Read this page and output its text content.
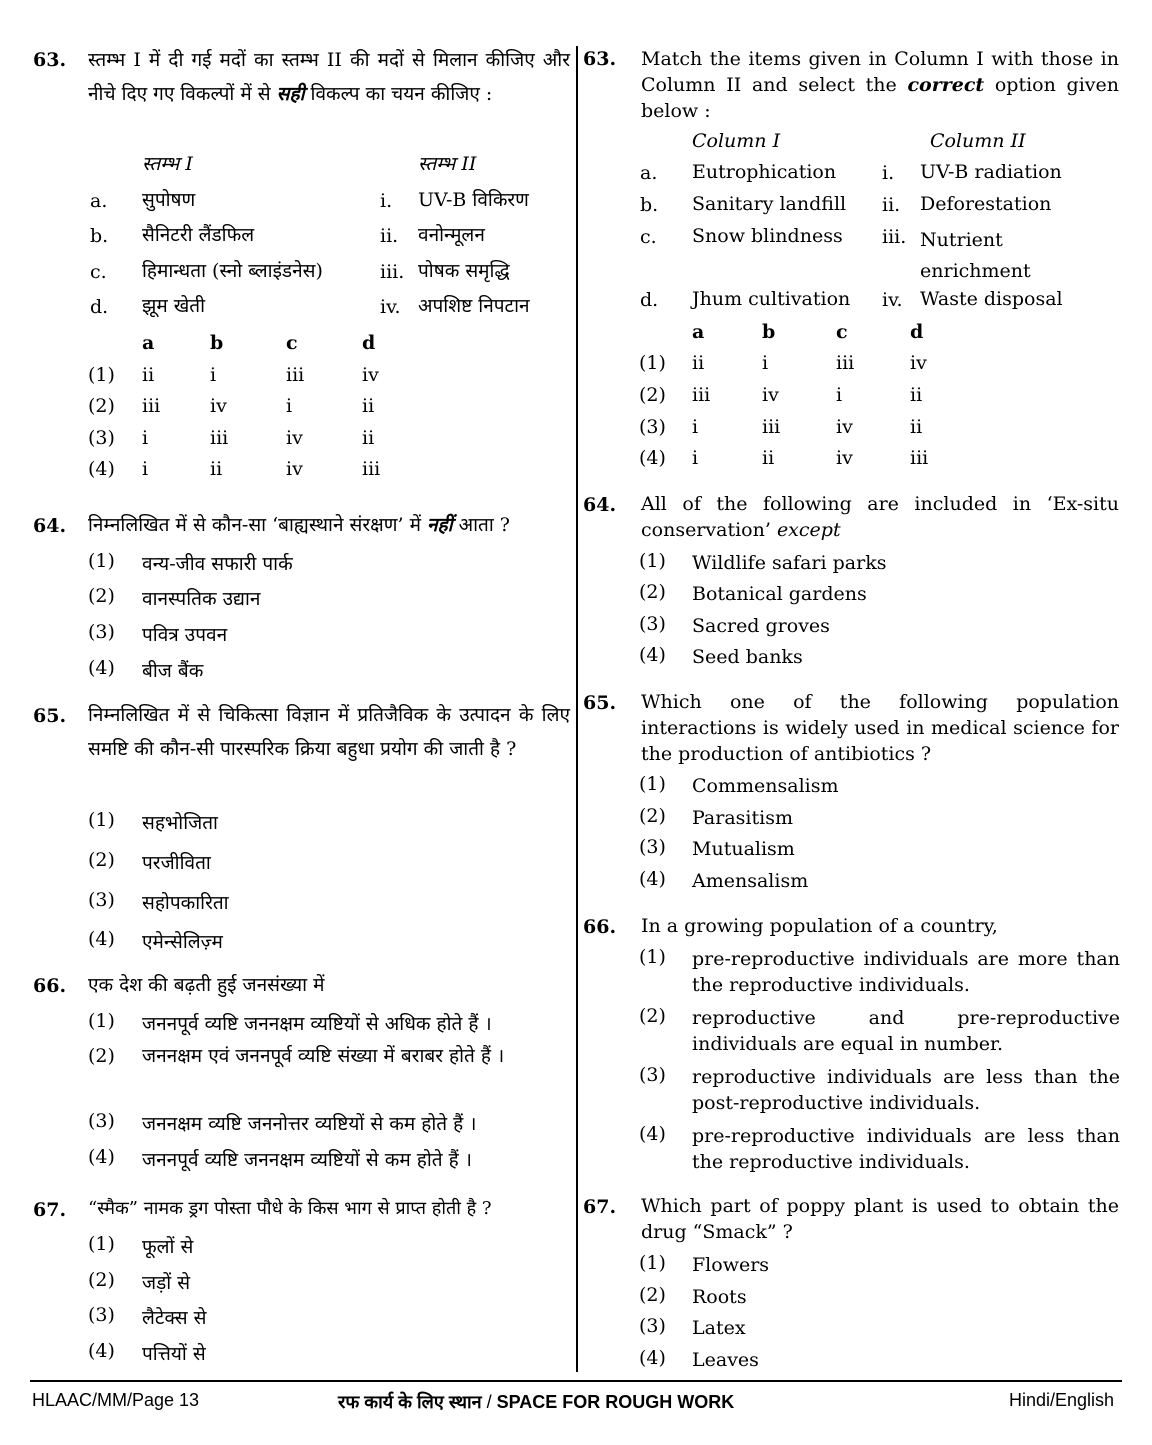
63. स्तम्भ I में दी गई मदों का स्तम्भ II की मदों से मिलान कीजिए और नीचे दिए गए विकल्पों में से सही विकल्प का चयन कीजिए :
स्तम्भ I	स्तम्भ II
a. सुपोषण	i. UV-B विकिरण
b. सैनिटरी लैंडफिल	ii. वनोन्मूलन
c. हिमान्धता (स्नो ब्लाइंडनेस)	iii. पोषक समृद्धि
d. झूम खेती	iv. अपशिष्ट निपटान
a	b	c	d
(1) ii	i	iii	iv
(2) iii	iv	i	ii
(3) i	iii	iv	ii
(4) i	ii	iv	iii
64. निम्नलिखित में से कौन-सा ‘बाह्यस्थाने संरक्षण’ में नहीं आता ?
(1) वन्य-जीव सफारी पार्क
(2) वानस्पतिक उद्यान
(3) पवित्र उपवन
(4) बीज बैंक
65. निम्नलिखित में से चिकित्सा विज्ञान में प्रतिजैविक के उत्पादन के लिए समष्टि की कौन-सी पारस्परिक क्रिया बहुधा प्रयोग की जाती है ?
(1) सहभोजिता
(2) परजीविता
(3) सहोपकारिता
(4) एमेन्सेलिज़्म
66. एक देश की बढ़ती हुई जनसंख्या में
(1) जननपूर्व व्यष्टि जननक्षम व्यष्टियों से अधिक होते हैं ।
(2) जननक्षम एवं जननपूर्व व्यष्टि संख्या में बराबर होते हैं ।
(3) जननक्षम व्यष्टि जननोत्तर व्यष्टियों से कम होते हैं ।
(4) जननपूर्व व्यष्टि जननक्षम व्यष्टियों से कम होते हैं ।
67. “स्मैक” नामक ड्रग पोस्ता पौधे के किस भाग से प्राप्त होती है ?
(1) फूलों से
(2) जड़ों से
(3) लैटेक्स से
(4) पत्तियों से
63. Match the items given in Column I with those in Column II and select the correct option given below :
Column I	Column II
a. Eutrophication i. UV-B radiation
b. Sanitary landfill ii. Deforestation
c. Snow blindness iii. Nutrient enrichment
d. Jhum cultivation iv. Waste disposal
a	b	c	d
(1) ii	i	iii	iv
(2) iii	iv	i	ii
(3) i	iii	iv	ii
(4) i	ii	iv	iii
64. All of the following are included in ‘Ex-situ conservation’ except
(1) Wildlife safari parks
(2) Botanical gardens
(3) Sacred groves
(4) Seed banks
65. Which one of the following population interactions is widely used in medical science for the production of antibiotics ?
(1) Commensalism
(2) Parasitism
(3) Mutualism
(4) Amensalism
66. In a growing population of a country,
(1) pre-reproductive individuals are more than the reproductive individuals.
(2) reproductive and pre-reproductive individuals are equal in number.
(3) reproductive individuals are less than the post-reproductive individuals.
(4) pre-reproductive individuals are less than the reproductive individuals.
67. Which part of poppy plant is used to obtain the drug “Smack” ?
(1) Flowers
(2) Roots
(3) Latex
(4) Leaves
HLAAC/MM/Page 13	रफ कार्य के लिए स्थान / SPACE FOR ROUGH WORK	Hindi/English
